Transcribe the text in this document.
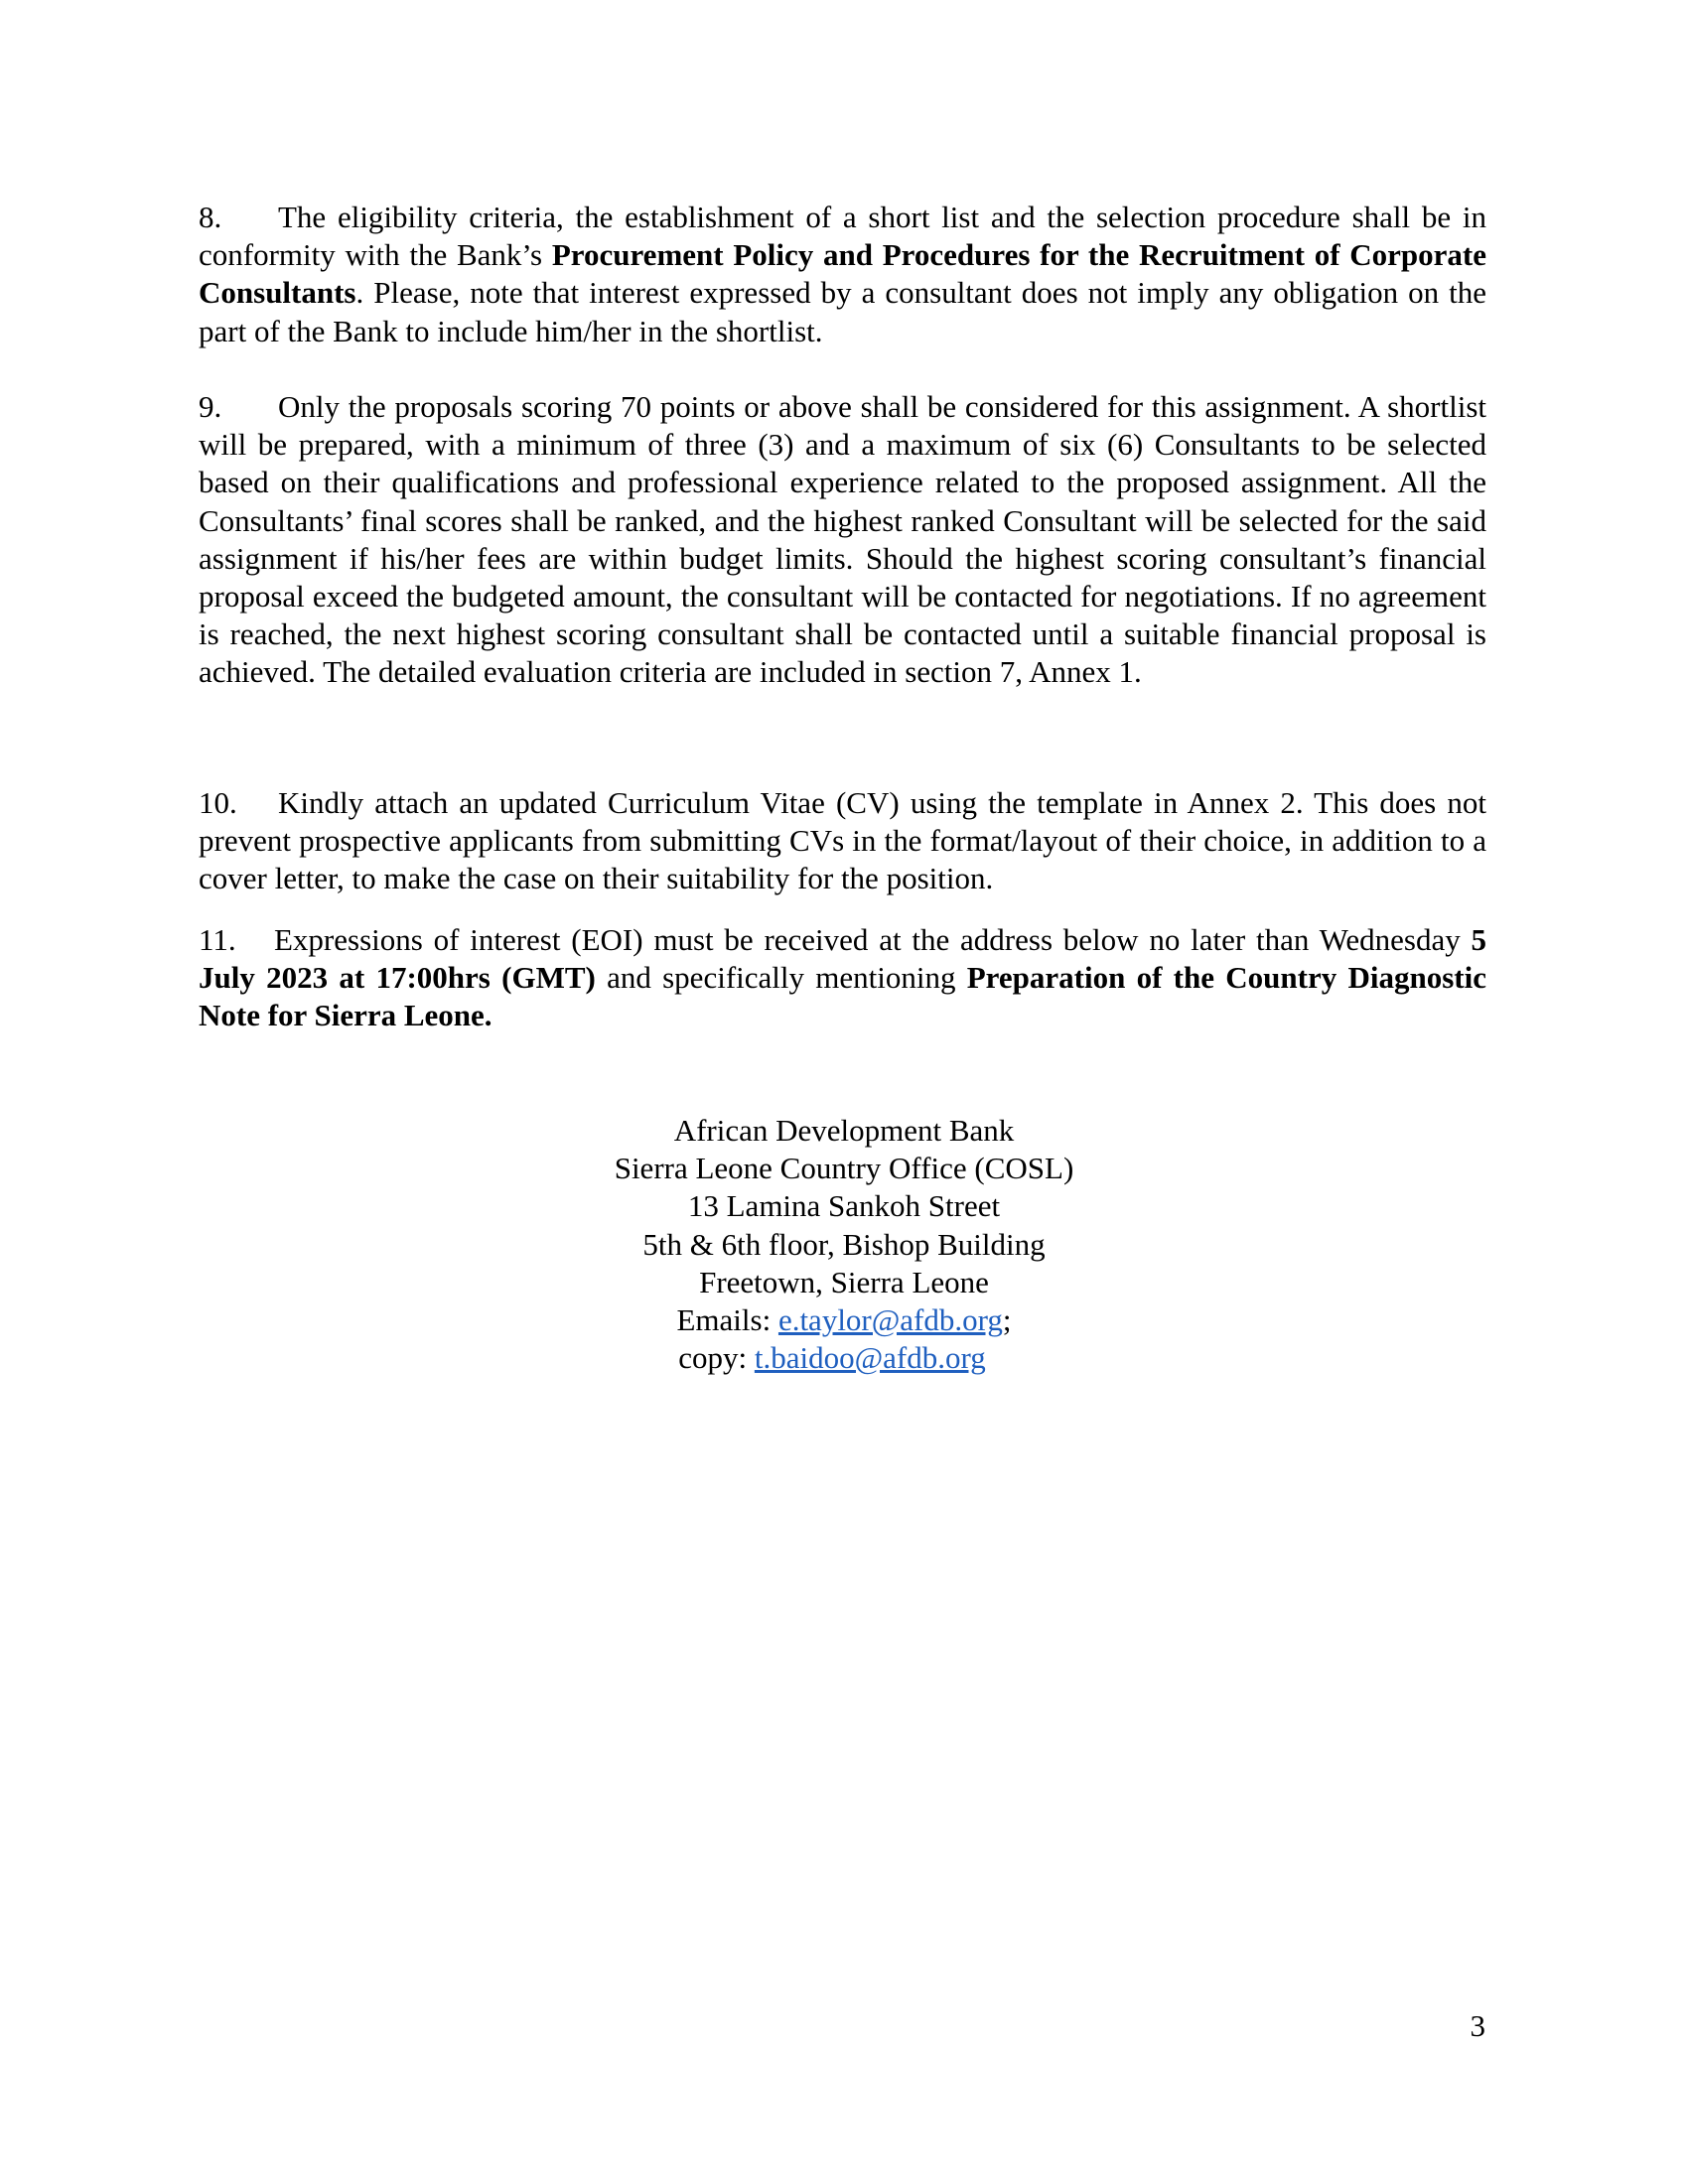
8. The eligibility criteria, the establishment of a short list and the selection procedure shall be in conformity with the Bank’s Procurement Policy and Procedures for the Recruitment of Corporate Consultants. Please, note that interest expressed by a consultant does not imply any obligation on the part of the Bank to include him/her in the shortlist.

9. Only the proposals scoring 70 points or above shall be considered for this assignment. A shortlist will be prepared, with a minimum of three (3) and a maximum of six (6) Consultants to be selected based on their qualifications and professional experience related to the proposed assignment. All the Consultants’ final scores shall be ranked, and the highest ranked Consultant will be selected for the said assignment if his/her fees are within budget limits. Should the highest scoring consultant’s financial proposal exceed the budgeted amount, the consultant will be contacted for negotiations. If no agreement is reached, the next highest scoring consultant shall be contacted until a suitable financial proposal is achieved. The detailed evaluation criteria are included in section 7, Annex 1.

10. Kindly attach an updated Curriculum Vitae (CV) using the template in Annex 2. This does not prevent prospective applicants from submitting CVs in the format/layout of their choice, in addition to a cover letter, to make the case on their suitability for the position.

11. Expressions of interest (EOI) must be received at the address below no later than Wednesday 5 July 2023 at 17:00hrs (GMT) and specifically mentioning Preparation of the Country Diagnostic Note for Sierra Leone.

African Development Bank
Sierra Leone Country Office (COSL)
13 Lamina Sankoh Street
5th & 6th floor, Bishop Building
Freetown, Sierra Leone
Emails: e.taylor@afdb.org;
copy: t.baidoo@afdb.org
3
